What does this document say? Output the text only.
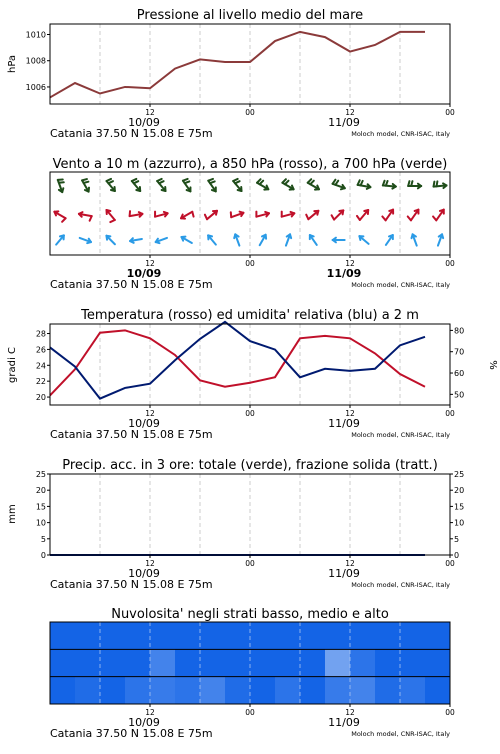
Pressione al livello medio del mare
1006
1008
1010
hPa
12	00	12	00
10/09	11/09
Catania 37.50 N 15.08 E 75m	Moloch model, CNR-ISAC, Italy
Vento a 10 m (azzurro), a 850 hPa (rosso), a 700 hPa (verde)
12	00	12	00
10/09	11/09
Catania 37.50 N 15.08 E 75m	Moloch model, CNR-ISAC, Italy
Temperatura (rosso) ed umidita' relativa (blu) a 2 m
20
22
24
26
28
50
60
70
80
gradi C	%
12	00	12	00
10/09	11/09
Catania 37.50 N 15.08 E 75m	Moloch model, CNR-ISAC, Italy
Precip. acc. in 3 ore: totale (verde), frazione solida (tratt.)
0
5
10
15
20
25
0
5
10
15
20
25
mm
12	00	12	00
10/09	11/09
Catania 37.50 N 15.08 E 75m	Moloch model, CNR-ISAC, Italy
Nuvolosita' negli strati basso, medio e alto
12	00	12	00
10/09	11/09
Catania 37.50 N 15.08 E 75m	Moloch model, CNR-ISAC, Italy
